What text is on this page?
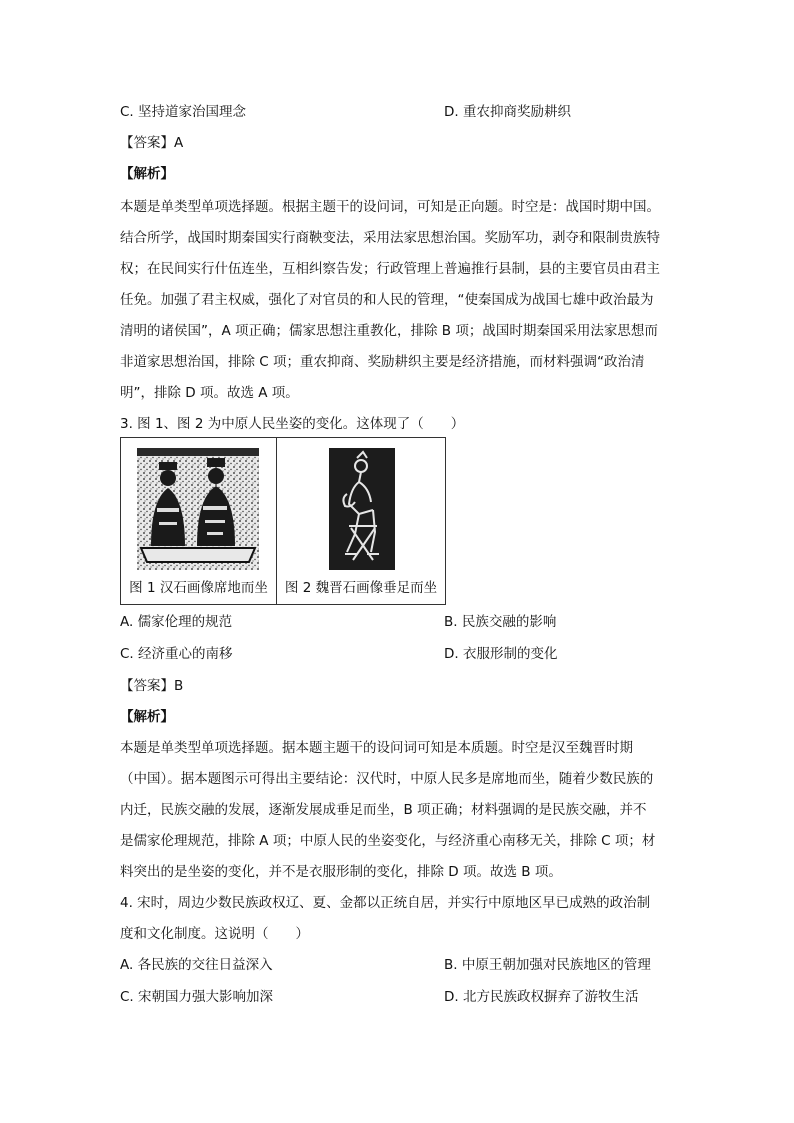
C. 坚持道家治国理念	D. 重农抑商奖励耕织
【答案】A
【解析】
本题是单类型单项选择题。根据主题干的设问词，可知是正向题。时空是：战国时期中国。
结合所学，战国时期秦国实行商鞅变法，采用法家思想治国。奖励军功，剥夺和限制贵族特
权；在民间实行什伍连坐，互相纠察告发；行政管理上普遍推行县制，县的主要官员由君主
任免。加强了君主权威，强化了对官员的和人民的管理，“使秦国成为战国七雄中政治最为
清明的诸侯国”，A 项正确；儒家思想注重教化，排除 B 项；战国时期秦国采用法家思想而
非道家思想治国，排除 C 项；重农抑商、奖励耕织主要是经济措施，而材料强调“政治清
明”，排除 D 项。故选 A 项。
3. 图 1、图 2 为中原人民坐姿的变化。这体现了（　　）
图 1 汉石画像席地而坐	图 2 魏晋石画像垂足而坐
A. 儒家伦理的规范	B. 民族交融的影响
C. 经济重心的南移	D. 衣服形制的变化
【答案】B
【解析】
本题是单类型单项选择题。据本题主题干的设问词可知是本质题。时空是汉至魏晋时期
（中国）。据本题图示可得出主要结论：汉代时，中原人民多是席地而坐，随着少数民族的
内迁，民族交融的发展，逐渐发展成垂足而坐，B 项正确；材料强调的是民族交融，并不
是儒家伦理规范，排除 A 项；中原人民的坐姿变化，与经济重心南移无关，排除 C 项；材
料突出的是坐姿的变化，并不是衣服形制的变化，排除 D 项。故选 B 项。
4. 宋时，周边少数民族政权辽、夏、金都以正统自居，并实行中原地区早已成熟的政治制
度和文化制度。这说明（　　）
A. 各民族的交往日益深入	B. 中原王朝加强对民族地区的管理
C. 宋朝国力强大影响加深	D. 北方民族政权摒弃了游牧生活
